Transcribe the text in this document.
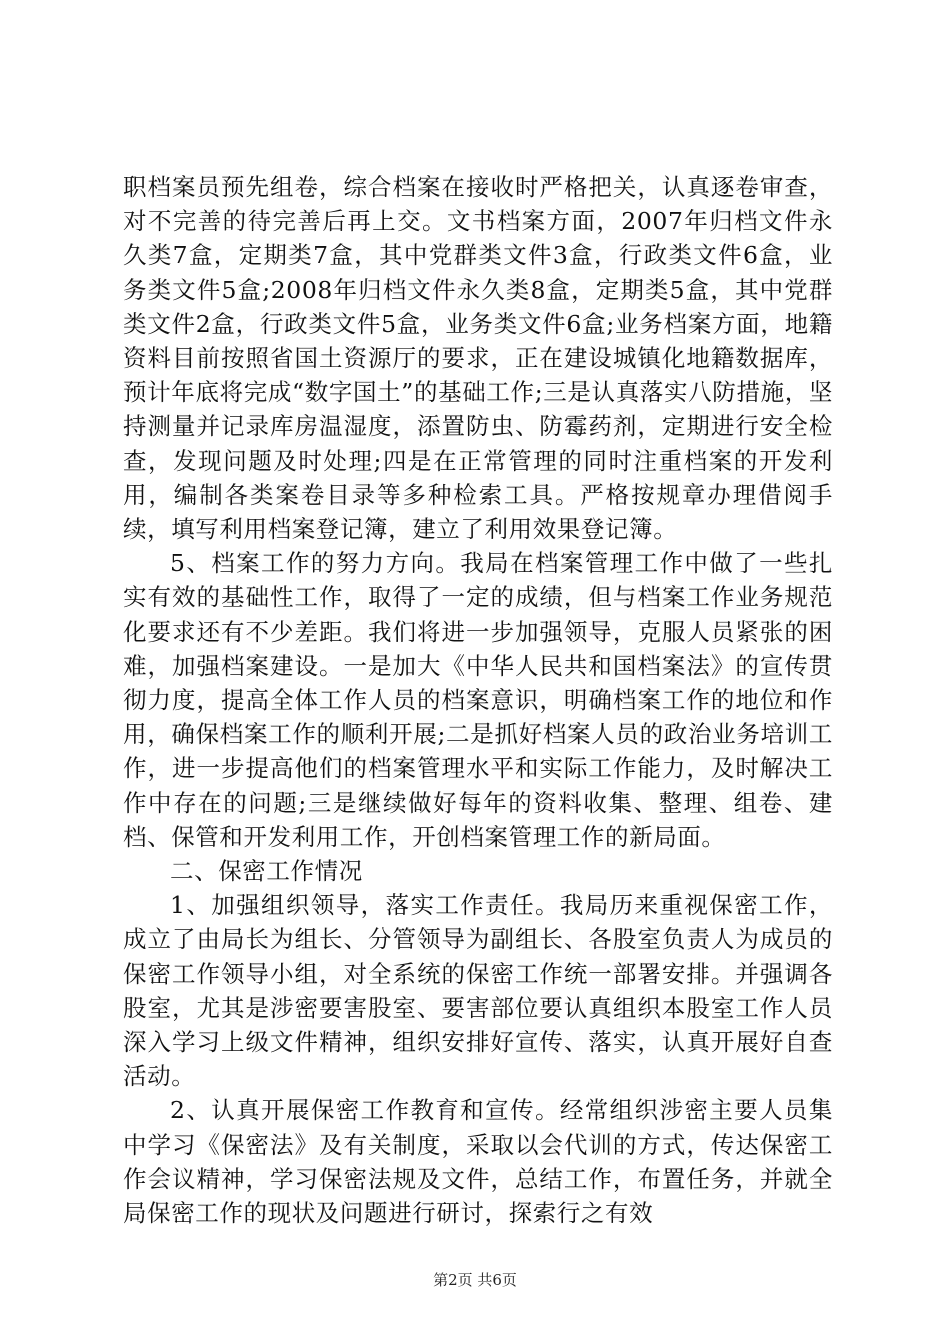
职档案员预先组卷，综合档案在接收时严格把关，认真逐卷审查，对不完善的待完善后再上交。文书档案方面，2007年归档文件永久类7盒，定期类7盒，其中党群类文件3盒，行政类文件6盒，业务类文件5盒;2008年归档文件永久类8盒，定期类5盒，其中党群类文件2盒，行政类文件5盒，业务类文件6盒;业务档案方面，地籍资料目前按照省国土资源厅的要求，正在建设城镇化地籍数据库，预计年底将完成“数字国土”的基础工作;三是认真落实八防措施，坚持测量并记录库房温湿度，添置防虫、防霉药剂，定期进行安全检查，发现问题及时处理;四是在正常管理的同时注重档案的开发利用，编制各类案卷目录等多种检索工具。严格按规章办理借阅手续，填写利用档案登记簿，建立了利用效果登记簿。

5、档案工作的努力方向。我局在档案管理工作中做了一些扎实有效的基础性工作，取得了一定的成绩，但与档案工作业务规范化要求还有不少差距。我们将进一步加强领导，克服人员紧张的困难，加强档案建设。一是加大《中华人民共和国档案法》的宣传贯彻力度，提高全体工作人员的档案意识，明确档案工作的地位和作用，确保档案工作的顺利开展;二是抓好档案人员的政治业务培训工作，进一步提高他们的档案管理水平和实际工作能力，及时解决工作中存在的问题;三是继续做好每年的资料收集、整理、组卷、建档、保管和开发利用工作，开创档案管理工作的新局面。

二、保密工作情况

1、加强组织领导，落实工作责任。我局历来重视保密工作，成立了由局长为组长、分管领导为副组长、各股室负责人为成员的保密工作领导小组，对全系统的保密工作统一部署安排。并强调各股室，尤其是涉密要害股室、要害部位要认真组织本股室工作人员深入学习上级文件精神，组织安排好宣传、落实，认真开展好自查活动。

2、认真开展保密工作教育和宣传。经常组织涉密主要人员集中学习《保密法》及有关制度，采取以会代训的方式，传达保密工作会议精神，学习保密法规及文件，总结工作，布置任务，并就全局保密工作的现状及问题进行研讨，探索行之有效

第2页 共6页
